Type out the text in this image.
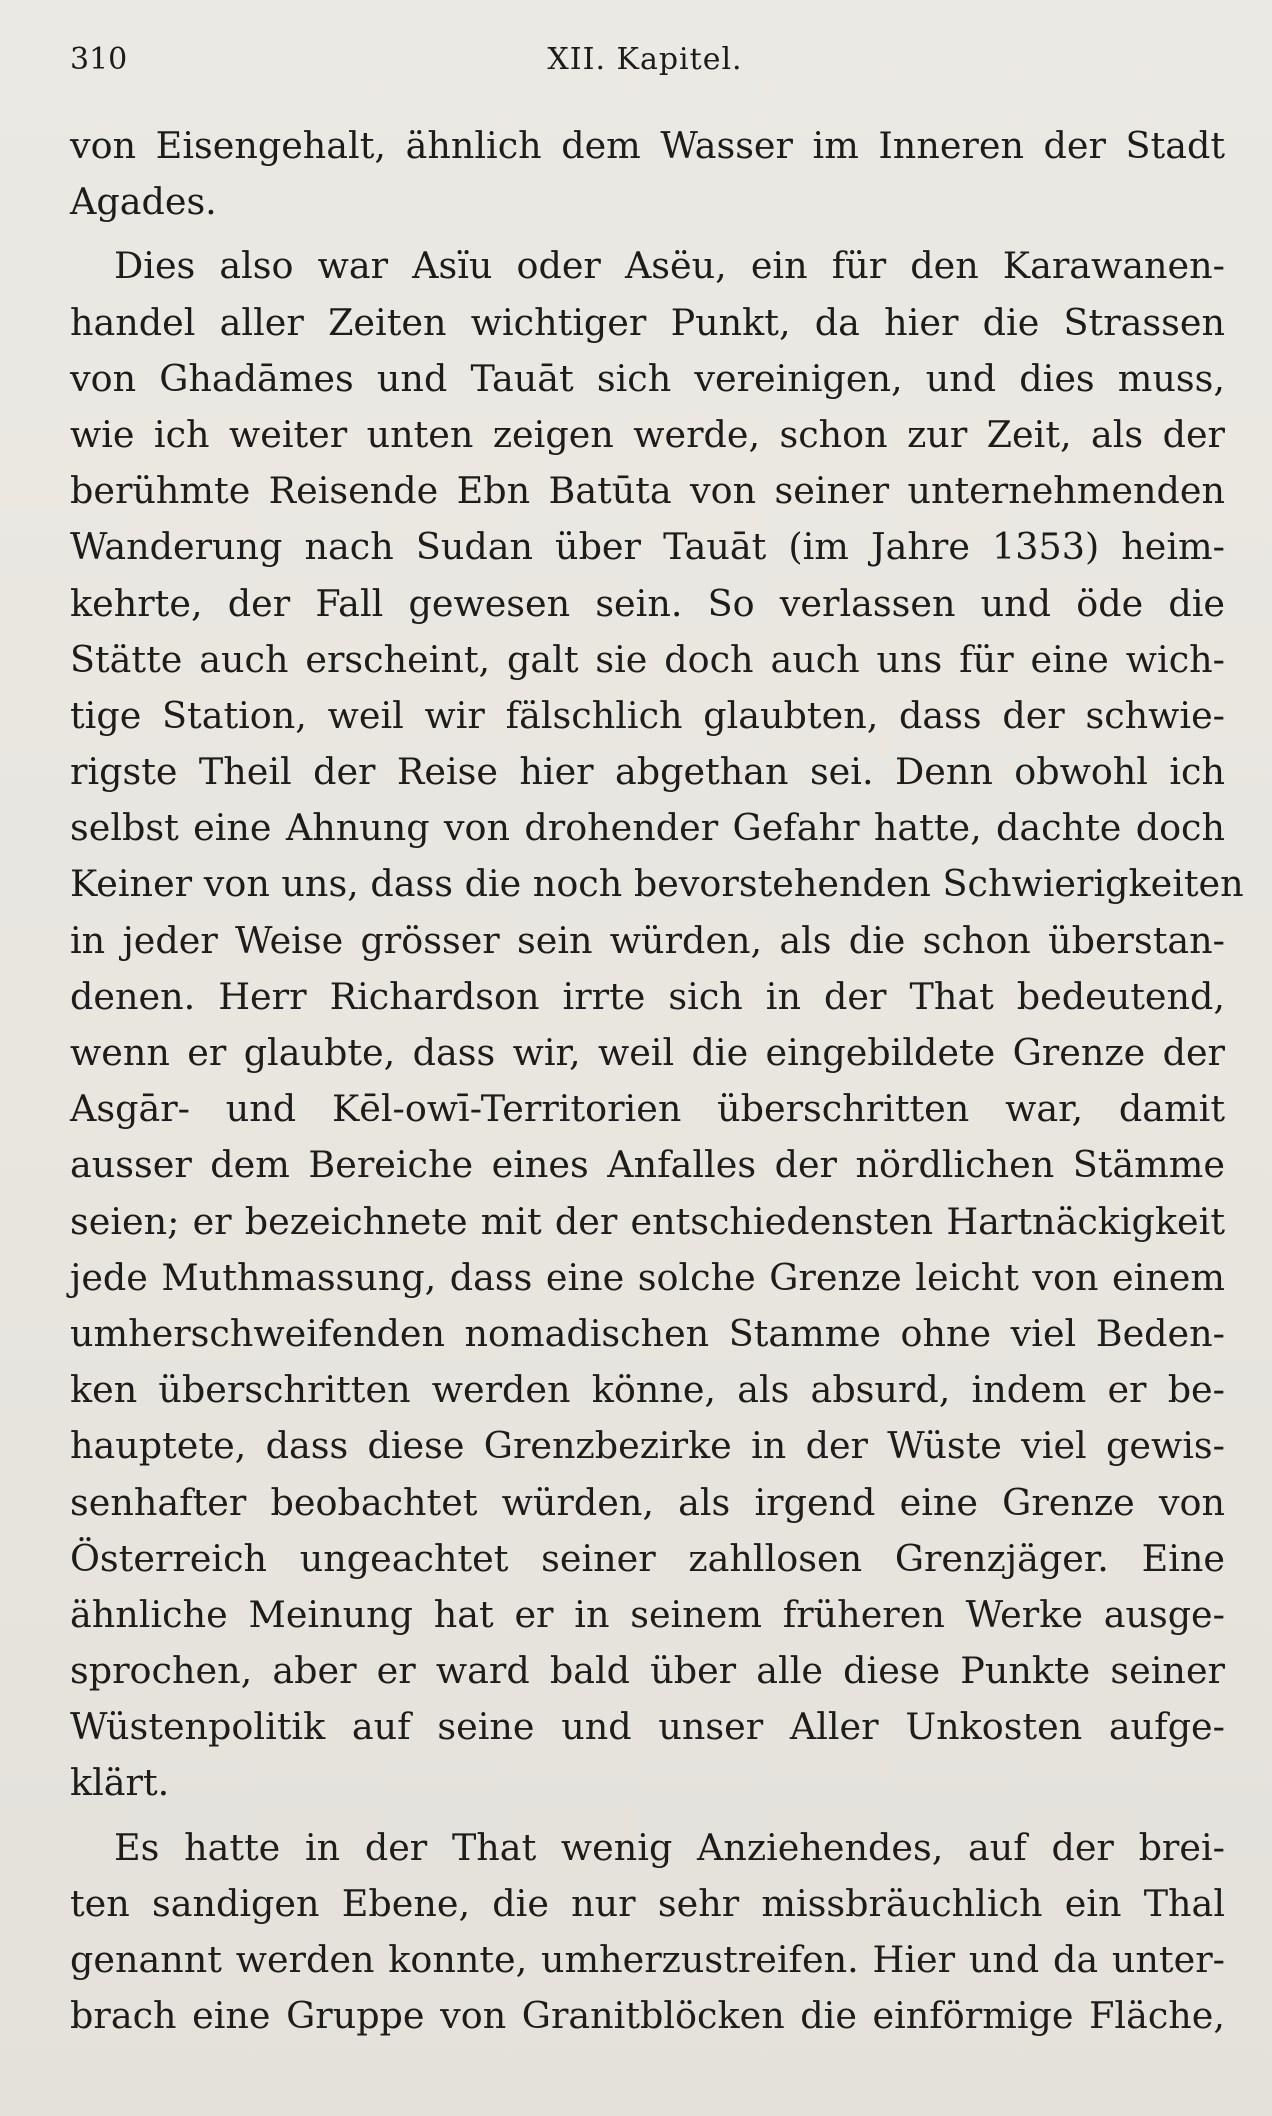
310	XII. Kapitel.
von Eisengehalt, ähnlich dem Wasser im Inneren der Stadt
Agades.
Dies also war Asïu oder Asëu, ein für den Karawanen-
handel aller Zeiten wichtiger Punkt, da hier die Strassen
von Ghadāmes und Tauāt sich vereinigen, und dies muss,
wie ich weiter unten zeigen werde, schon zur Zeit, als der
berühmte Reisende Ebn Batūta von seiner unternehmenden
Wanderung nach Sudan über Tauāt (im Jahre 1353) heim-
kehrte, der Fall gewesen sein. So verlassen und öde die
Stätte auch erscheint, galt sie doch auch uns für eine wich-
tige Station, weil wir fälschlich glaubten, dass der schwie-
rigste Theil der Reise hier abgethan sei. Denn obwohl ich
selbst eine Ahnung von drohender Gefahr hatte, dachte doch
Keiner von uns, dass die noch bevorstehenden Schwierigkeiten
in jeder Weise grösser sein würden, als die schon überstan-
denen. Herr Richardson irrte sich in der That bedeutend,
wenn er glaubte, dass wir, weil die eingebildete Grenze der
Asgār- und Kēl-owī-Territorien überschritten war, damit
ausser dem Bereiche eines Anfalles der nördlichen Stämme
seien; er bezeichnete mit der entschiedensten Hartnäckigkeit
jede Muthmassung, dass eine solche Grenze leicht von einem
umherschweifenden nomadischen Stamme ohne viel Beden-
ken überschritten werden könne, als absurd, indem er be-
hauptete, dass diese Grenzbezirke in der Wüste viel gewis-
senhafter beobachtet würden, als irgend eine Grenze von
Österreich ungeachtet seiner zahllosen Grenzjäger. Eine
ähnliche Meinung hat er in seinem früheren Werke ausge-
sprochen, aber er ward bald über alle diese Punkte seiner
Wüstenpolitik auf seine und unser Aller Unkosten aufge-
klärt.
Es hatte in der That wenig Anziehendes, auf der brei-
ten sandigen Ebene, die nur sehr missbräuchlich ein Thal
genannt werden konnte, umherzustreifen. Hier und da unter-
brach eine Gruppe von Granitblöcken die einförmige Fläche,
